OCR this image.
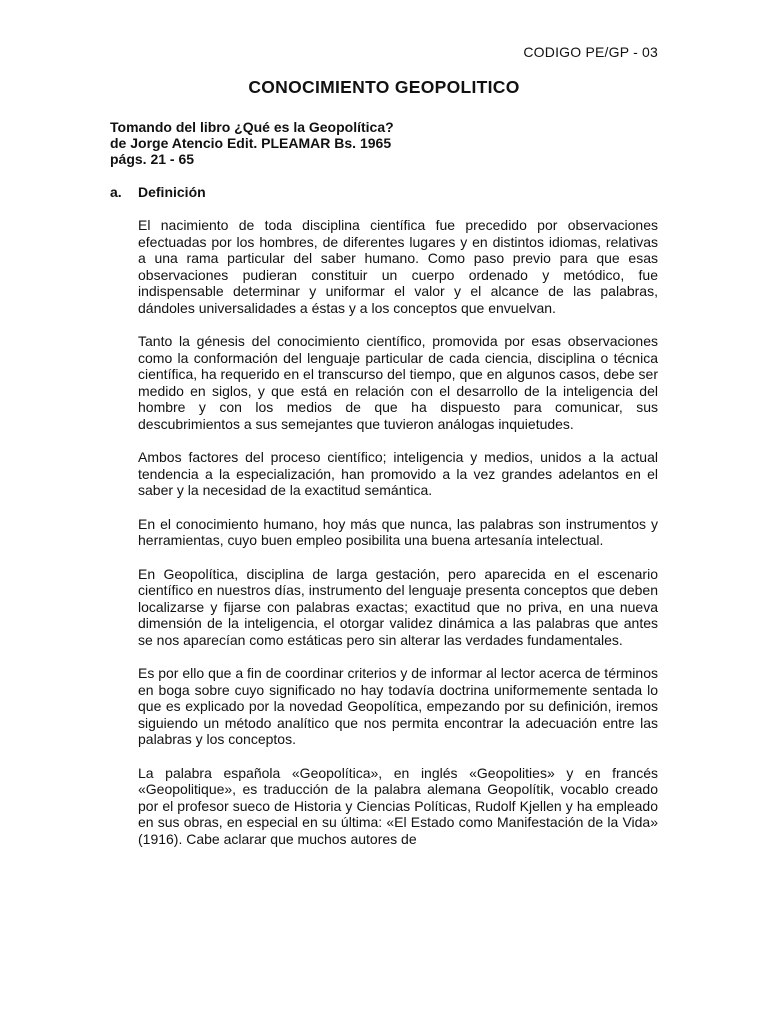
CODIGO PE/GP - 03
CONOCIMIENTO GEOPOLITICO
Tomando del libro ¿Qué es la Geopolítica?
de Jorge Atencio Edit. PLEAMAR Bs. 1965
págs. 21 - 65
a. Definición

El nacimiento de toda disciplina científica fue precedido por observaciones efectuadas por los hombres, de diferentes lugares y en distintos idiomas, relativas a una rama particular del saber humano. Como paso previo para que esas observaciones pudieran constituir un cuerpo ordenado y metódico, fue indispensable determinar y uniformar el valor y el alcance de las palabras, dándoles universalidades a éstas y a los conceptos que envuelvan.

Tanto la génesis del conocimiento científico, promovida por esas observaciones como la conformación del lenguaje particular de cada ciencia, disciplina o técnica científica, ha requerido en el transcurso del tiempo, que en algunos casos, debe ser medido en siglos, y que está en relación con el desarrollo de la inteligencia del hombre y con los medios de que ha dispuesto para comunicar, sus descubrimientos a sus semejantes que tuvieron análogas inquietudes.

Ambos factores del proceso científico; inteligencia y medios, unidos a la actual tendencia a la especialización, han promovido a la vez grandes adelantos en el saber y la necesidad de la exactitud semántica.

En el conocimiento humano, hoy más que nunca, las palabras son instrumentos y herramientas, cuyo buen empleo posibilita una buena artesanía intelectual.

En Geopolítica, disciplina de larga gestación, pero aparecida en el escenario científico en nuestros días, instrumento del lenguaje presenta conceptos que deben localizarse y fijarse con palabras exactas; exactitud que no priva, en una nueva dimensión de la inteligencia, el otorgar validez dinámica a las palabras que antes se nos aparecían como estáticas pero sin alterar las verdades fundamentales.

Es por ello que a fin de coordinar criterios y de informar al lector acerca de términos en boga sobre cuyo significado no hay todavía doctrina uniformemente sentada lo que es explicado por la novedad Geopolítica, empezando por su definición, iremos siguiendo un método analítico que nos permita encontrar la adecuación entre las palabras y los conceptos.

La palabra española «Geopolítica», en inglés «Geopolities» y en francés «Geopolitique», es traducción de la palabra alemana Geopolítik, vocablo creado por el profesor sueco de Historia y Ciencias Políticas, Rudolf Kjellen y ha empleado en sus obras, en especial en su última: «El Estado como Manifestación de la Vida» (1916). Cabe aclarar que muchos autores de
